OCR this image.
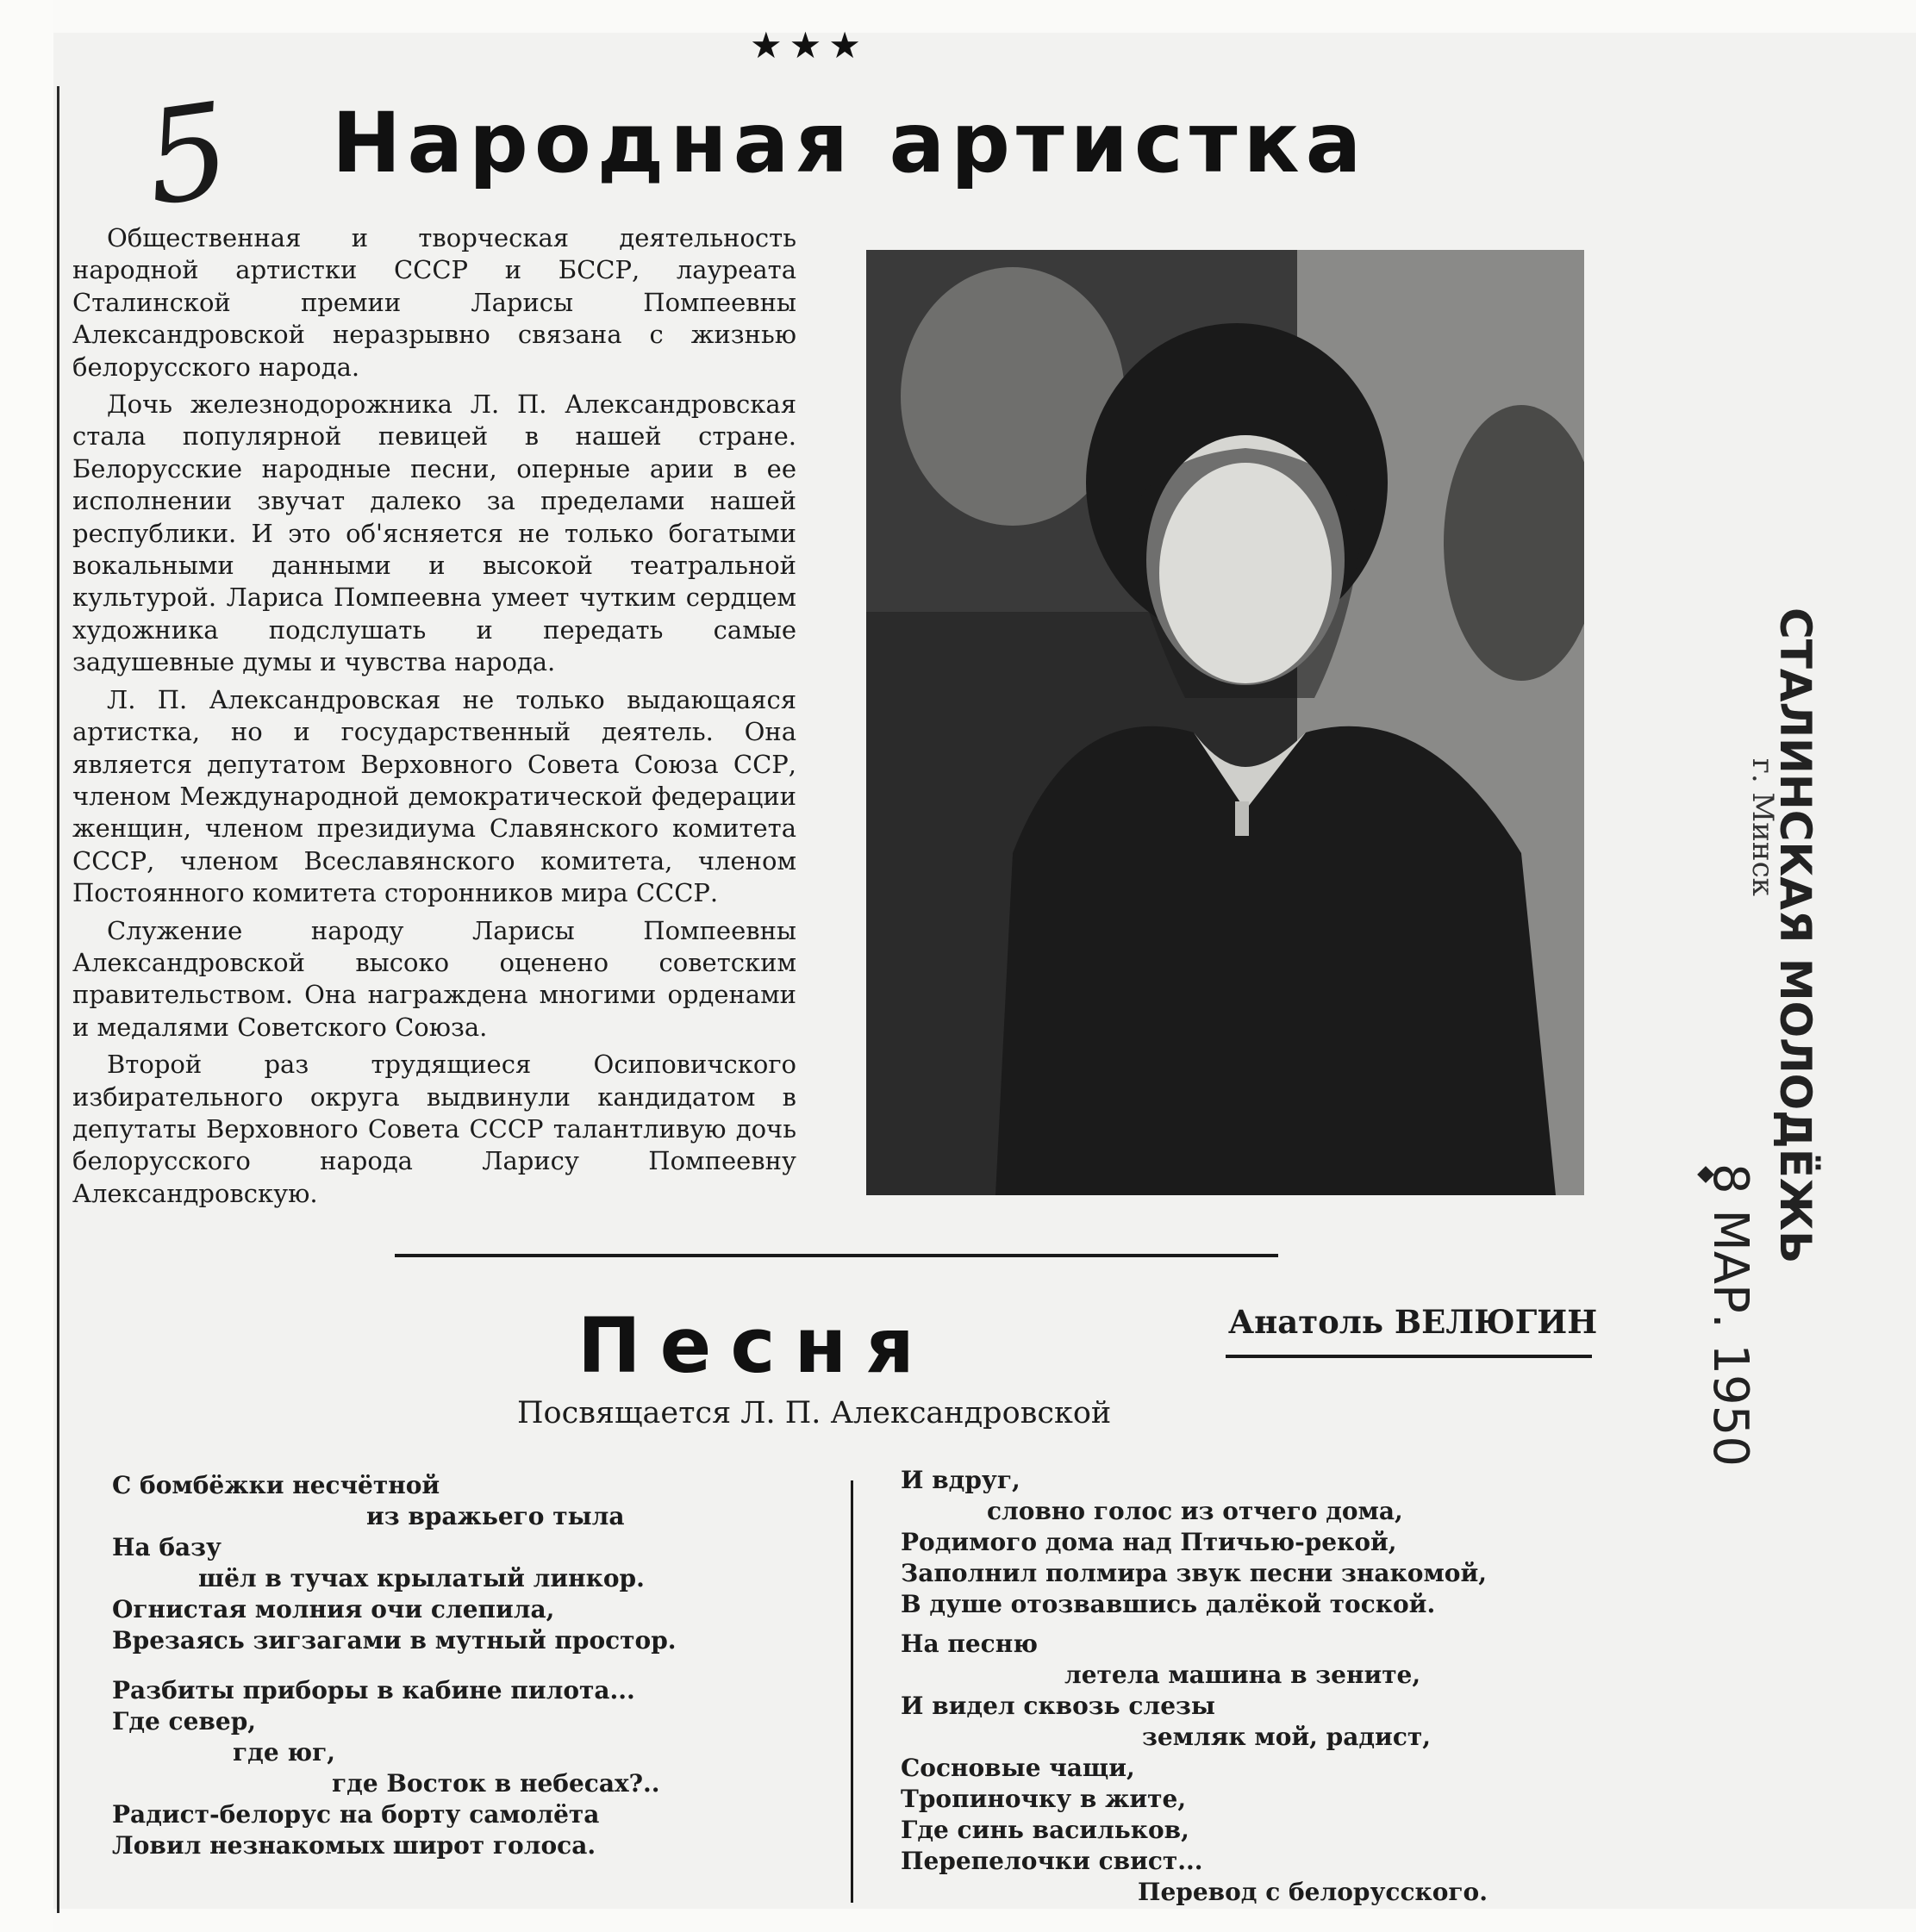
★★★
5 Народная артистка

Общественная и творческая деятельность народной артистки СССР и БССР, лауреата Сталинской премии Ларисы Помпеевны Александровской неразрывно связана с жизнью белорусского народа.

Дочь железнодорожника Л. П. Александровская стала популярной певицей в нашей стране. Белорусские народные песни, оперные арии в ее исполнении звучат далеко за пределами нашей республики. И это об'ясняется не только богатыми вокальными данными и высокой театральной культурой. Лариса Помпеевна умеет чутким сердцем художника подслушать и передать самые задушевные думы и чувства народа.

Л. П. Александровская не только выдающаяся артистка, но и государственный деятель. Она является депутатом Верховного Совета Союза ССР, членом Международной демократической федерации женщин, членом президиума Славянского комитета СССР, членом Всеславянского комитета, членом Постоянного комитета сторонников мира СССР.

Служение народу Ларисы Помпеевны Александровской высоко оценено советским правительством. Она награждена многими орденами и медалями Советского Союза.

Второй раз трудящиеся Осиповичского избирательного округа выдвинули кандидатом в депутаты Верховного Совета СССР талантливую дочь белорусского народа Ларису Помпеевну Александровскую.

Песня	Анатоль ВЕЛЮГИН
Посвящается Л. П. Александровской
С бомбёжки несчётной
из вражьего тыла
На базу
шёл в тучах крылатый линкор.
Огнистая молния очи слепила,
Врезаясь зигзагами в мутный простор.
Разбиты приборы в кабине пилота...
Где север,
где юг,
где Восток в небесах?..
Радист-белорус на борту самолёта
Ловил незнакомых широт голоса.
И вдруг,
словно голос из отчего дома,
Родимого дома над Птичью-рекой,
Заполнил полмира звук песни знакомой,
В душе отозвавшись далёкой тоской.
На песню
летела машина в зените,
И видел сквозь слезы
земляк мой, радист,
Сосновые чащи,
Тропиночку в жите,
Где синь васильков,
Перепелочки свист...
Перевод с белорусского.
СТАЛИНСКАЯ МОЛОДЁЖЬ
г. Минск
8 МАР. 1950
